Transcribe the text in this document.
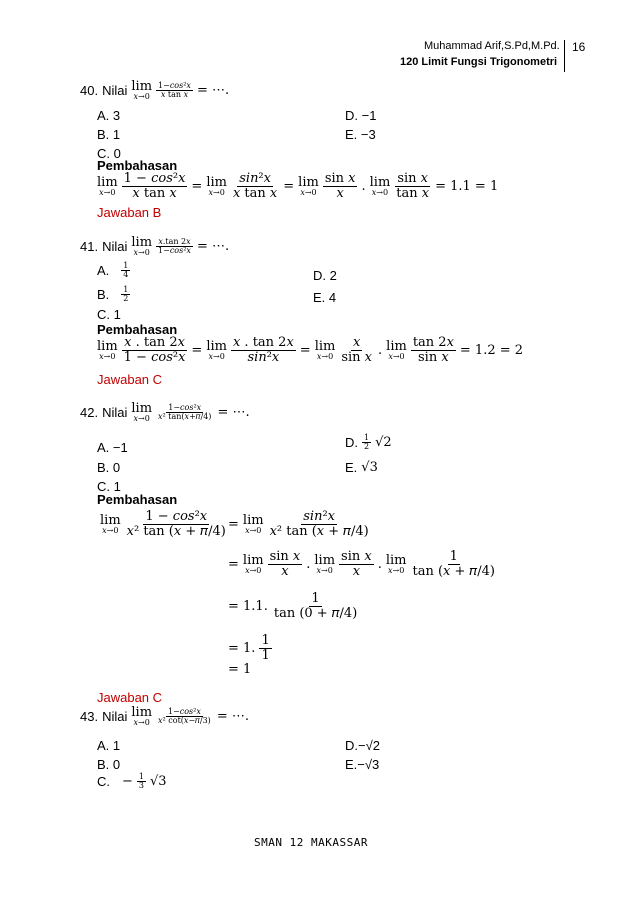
Muhammad Arif,S.Pd,M.Pd.
120 Limit Fungsi Trigonometri
16
40. Nilai lim
𝑥→0 $\frac{\text{1−𝑐𝑜𝑠²𝑥}}{\text{𝑥 tan 𝑥}}$ = ⋯.
A. 3
B. 1
C. 0
D. −1
E. −3
Pembahasan
lim
𝑥→0 $\frac{\text{1 − 𝑐𝑜𝑠²𝑥}}{\text{𝑥 tan 𝑥}} = \lim$
𝑥→0 $\frac{\text{𝑠𝑖𝑛²𝑥}}{\text{𝑥 tan 𝑥}} = \lim$
𝑥→0 $\frac{\text{sin 𝑥}}{\text{𝑥}}$ . lim
𝑥→0 $\frac{\text{sin 𝑥}}{\text{tan 𝑥}} = 1.1 = 1$
Jawaban B
41. Nilai lim
𝑥→0 $\frac{\text{𝑥.tan 2𝑥}}{\text{1−𝑐𝑜𝑠²𝑥}}$ = ⋯.
A. $\frac{1}{4}$
B. $\frac{1}{2}$
C. 1
D. 2
E. 4
Pembahasan
lim
𝑥→0 $\frac{\text{𝑥 . tan 2𝑥}}{\text{1 − 𝑐𝑜𝑠²𝑥}} = \lim$
𝑥→0 $\frac{\text{𝑥 . tan 2𝑥}}{\text{𝑠𝑖𝑛²𝑥}} = \lim$
𝑥→0 $\frac{\text{𝑥}}{\text{sin 𝑥}}$ . lim
𝑥→0 $\frac{\text{tan 2𝑥}}{\text{sin 𝑥}} = 1.2 = 2$
Jawaban C
42. Nilai lim
𝑥→0 $\frac{\text{1−𝑐𝑜𝑠²𝑥}}{\text{𝑥² tan(𝑥+𝜋/4)}}$ = ⋯.
A. −1
B. 0
C. 1
D. $\frac{1}{2} √2$
E. √3
Pembahasan
lim
𝑥→0 $\frac{\text{1 − 𝑐𝑜𝑠²𝑥}}{\text{𝑥² tan (𝑥 + 𝜋/4)}} = \lim$
𝑥→0 $\frac{\text{𝑠𝑖𝑛²𝑥}}{\text{𝑥² tan (𝑥 + 𝜋/4)}}$
= lim
𝑥→0 $\frac{\text{sin 𝑥}}{\text{𝑥}}$ . lim
𝑥→0 $\frac{\text{sin 𝑥}}{\text{𝑥}}$ . lim
𝑥→0 $\frac{1}{\text{tan (𝑥 + 𝜋/4)}}$
= 1.1. $\frac{1}{\text{tan (0 + 𝜋/4)}}$
= 1. $\frac{1}{1}$
= 1
Jawaban C
43. Nilai lim
𝑥→0 $\frac{\text{1−𝑐𝑜𝑠²𝑥}}{\text{𝑥² cot(𝑥−𝜋/3)}}$ = ⋯.
A. 1
B. 0
C. − $\frac{1}{3} √3$
D.−√2
E.−√3
SMAN 12 MAKASSAR
